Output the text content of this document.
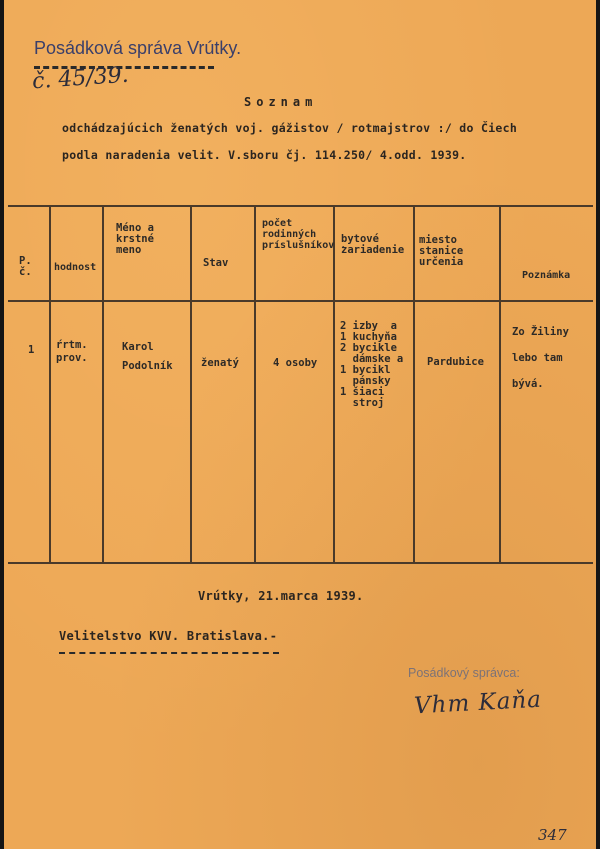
Posádková správa Vrútky.
č. 45/39.
Soznam
odchádzajúcich ženatých voj. gážistov / rotmajstrov :/ do Čiech
podla naradenia velit. V.sboru čj. 114.250/ 4.odd. 1939.
P.
č. hodnost
Méno a
krstné
meno
Stav
počet
rodinných
príslušníkov .
bytové
zariadenie
miesto
stanice
určenia
Poznámka
1 ŕrtm.
prov.
Karol
Podolník	ženatý	4 osoby
2 izby  a
1 kuchyňa
2 bycikle
dámske a
1 bycikl
pánsky
1 šiaci
stroj
Pardubice
Zo Žiliny
lebo tam
bývá.
Vrútky, 21.marca 1939.
Velitelstvo KVV. Bratislava.-
Posádkový správca:
Vhm Kaňa
347
